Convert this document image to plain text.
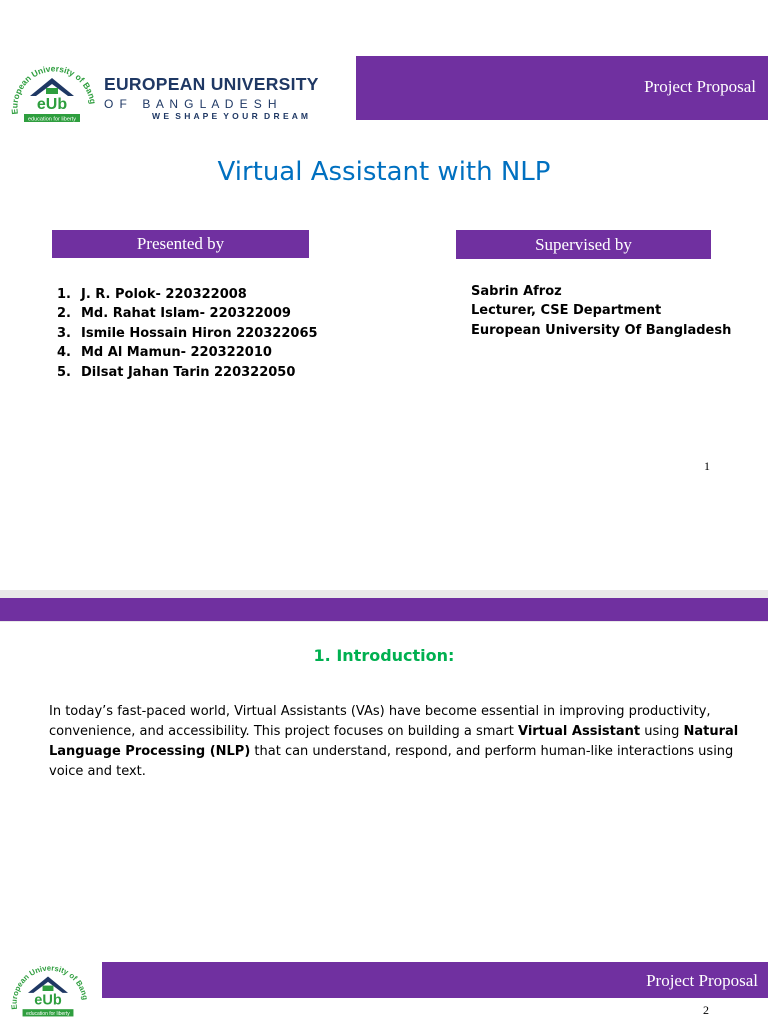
European University of Ba
eUb
education for liberty
EUROPEAN UNIVERSITY
O F   B A N G L A D E S H
W E  S H A P E  Y O U R  D R E A M
Project Proposal
Virtual Assistant with NLP
Presented by	Supervised by
1. J. R. Polok- 220322008
2. Md. Rahat Islam- 220322009
3. Ismile Hossain Hiron 220322065
4. Md Al Mamun- 220322010
5. Dilsat Jahan Tarin 220322050
Sabrin Afroz
Lecturer, CSE Department
European University Of Bangladesh
1
1. Introduction:
In today’s fast-paced world, Virtual Assistants (VAs) have become essential in improving productivity, convenience, and accessibility. This project focuses on building a smart Virtual Assistant using Natural Language Processing (NLP) that can understand, respond, and perform human-like interactions using voice and text.
European University of Ban
eUb
education for liberty
Project Proposal
2
